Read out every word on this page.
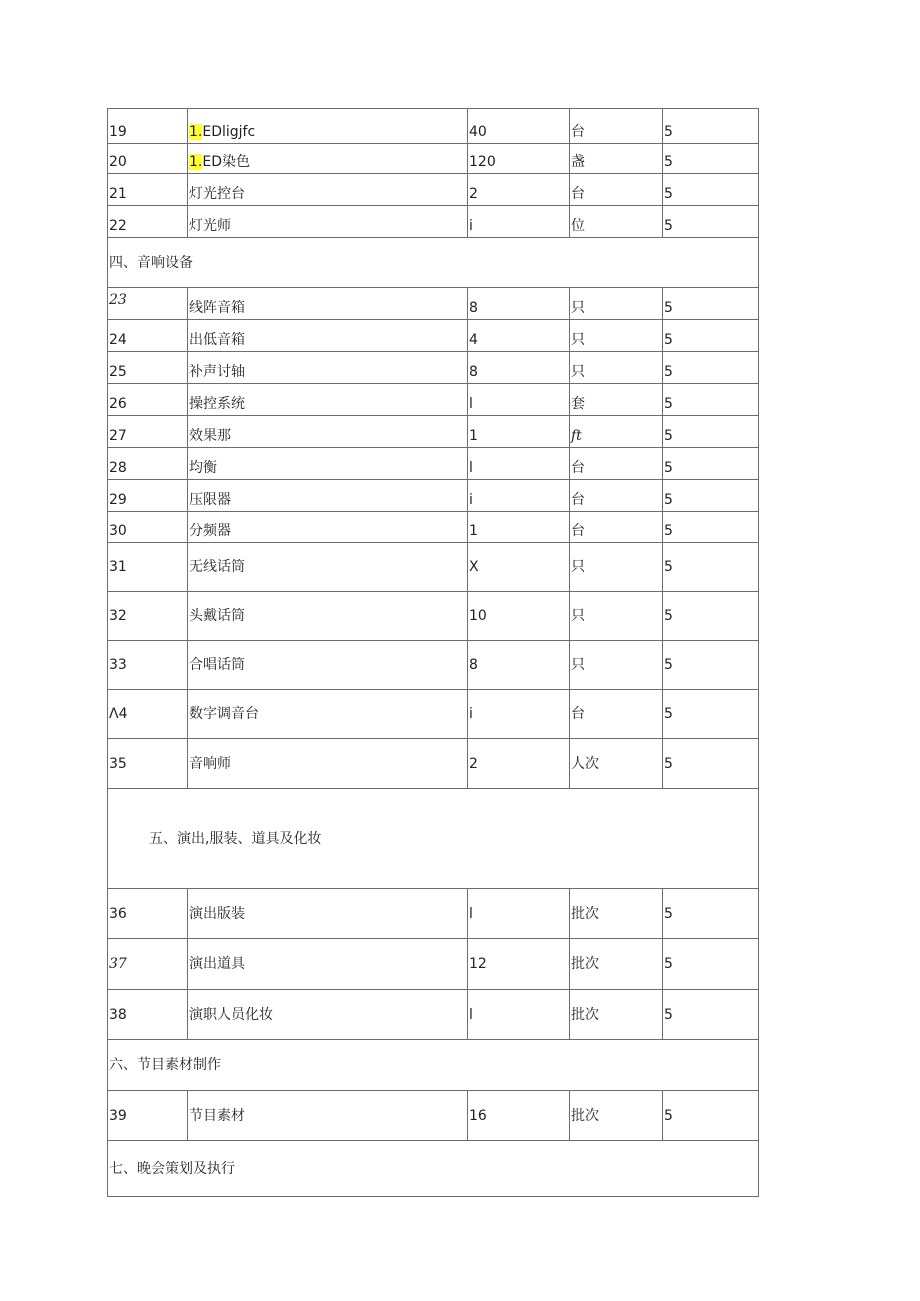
19	1.EDligjfc	40	台	5
20	1.ED染色	120	盏	5
21	灯光控台	2	台	5
22	灯光师	i	位	5
四、音响设备				
23	线阵音箱	8	只	5
24	出低音箱	4	只	5
25	补声讨轴	8	只	5
26	操控系统	l	套	5
27	效果那	1	ft	5
28	均衡	l	台	5
29	压限器	i	台	5
30	分频器	1	台	5
31	无线话筒	X	只	5
32	头戴话筒	10	只	5
33	合唱话筒	8	只	5
Λ4	数字调音台	i	台	5
35	音响师	2	人次	5
五、演出,服装、道具及化妆				
36	演出版装	l	批次	5
37	演出道具	12	批次	5
38	演职人员化妆	l	批次	5
六、节目素材制作				
39	节目素材	16	批次	5
七、晚会策划及执行				
